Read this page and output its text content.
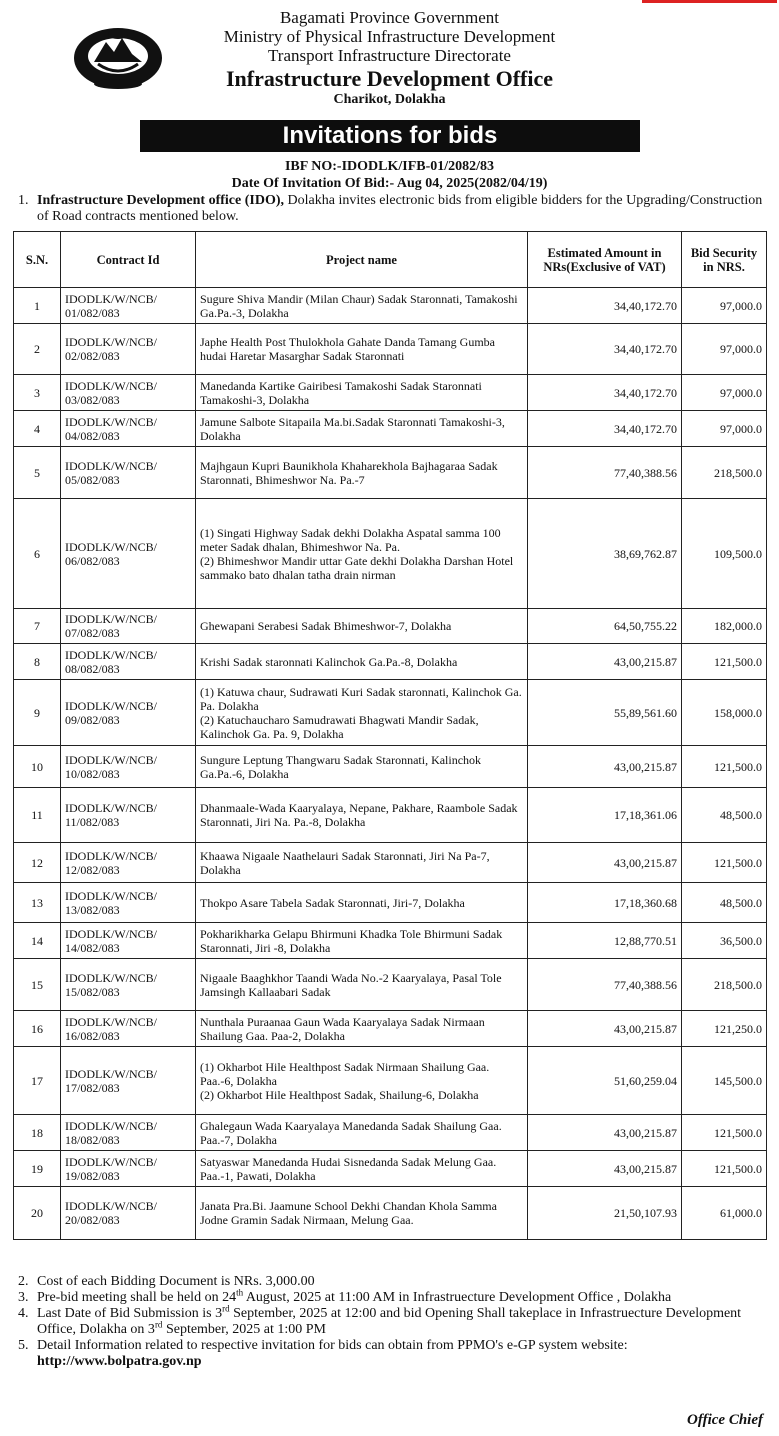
Bagamati Province Government
Ministry of Physical Infrastructure Development
Transport Infrastructure Directorate
Infrastructure Development Office
Charikot, Dolakha
Invitations for bids
IBF NO:-IDODLK/IFB-01/2082/83
Date Of Invitation Of Bid:- Aug 04, 2025(2082/04/19)
1. Infrastructure Development office (IDO), Dolakha invites electronic bids from eligible bidders for the Upgrading/Construction of Road contracts mentioned below.
S.N.	Contract Id	Project name	Estimated Amount in NRs(Exclusive of VAT)	Bid Security in NRS.
1	IDODLK/W/NCB/ 01/082/083	Sugure Shiva Mandir (Milan Chaur) Sadak Staronnati, Tamakoshi Ga.Pa.-3, Dolakha	34,40,172.70	97,000.0
2	IDODLK/W/NCB/ 02/082/083	Japhe Health Post Thulokhola Gahate Danda Tamang Gumba hudai Haretar Masarghar Sadak Staronnati	34,40,172.70	97,000.0
3	IDODLK/W/NCB/ 03/082/083	Manedanda Kartike Gairibesi Tamakoshi Sadak Staronnati Tamakoshi-3, Dolakha	34,40,172.70	97,000.0
4	IDODLK/W/NCB/ 04/082/083	Jamune Salbote Sitapaila Ma.bi.Sadak Staronnati Tamakoshi-3, Dolakha	34,40,172.70	97,000.0
5	IDODLK/W/NCB/ 05/082/083	Majhgaun Kupri Baunikhola Khaharekhola Bajhagaraa Sadak Staronnati, Bhimeshwor Na. Pa.-7	77,40,388.56	218,500.0
6	IDODLK/W/NCB/ 06/082/083	(1) Singati Highway Sadak dekhi Dolakha Aspatal samma 100 meter Sadak dhalan, Bhimeshwor Na. Pa.
(2) Bhimeshwor Mandir uttar Gate dekhi Dolakha Darshan Hotel sammako bato dhalan tatha drain nirman	38,69,762.87	109,500.0
7	IDODLK/W/NCB/ 07/082/083	Ghewapani Serabesi Sadak Bhimeshwor-7, Dolakha	64,50,755.22	182,000.0
8	IDODLK/W/NCB/ 08/082/083	Krishi Sadak staronnati Kalinchok Ga.Pa.-8, Dolakha	43,00,215.87	121,500.0
9	IDODLK/W/NCB/ 09/082/083	(1) Katuwa chaur, Sudrawati Kuri Sadak staronnati, Kalinchok Ga. Pa. Dolakha
(2) Katuchaucharo Samudrawati Bhagwati Mandir Sadak, Kalinchok Ga. Pa. 9, Dolakha	55,89,561.60	158,000.0
10	IDODLK/W/NCB/ 10/082/083	Sungure Leptung Thangwaru Sadak Staronnati, Kalinchok Ga.Pa.-6, Dolakha	43,00,215.87	121,500.0
11	IDODLK/W/NCB/ 11/082/083	Dhanmaale-Wada Kaaryalaya, Nepane, Pakhare, Raambole Sadak Staronnati, Jiri Na. Pa.-8, Dolakha	17,18,361.06	48,500.0
12	IDODLK/W/NCB/ 12/082/083	Khaawa Nigaale Naathelauri Sadak Staronnati, Jiri Na Pa-7, Dolakha	43,00,215.87	121,500.0
13	IDODLK/W/NCB/ 13/082/083	Thokpo Asare Tabela Sadak Staronnati, Jiri-7, Dolakha	17,18,360.68	48,500.0
14	IDODLK/W/NCB/ 14/082/083	Pokharikharka Gelapu Bhirmuni Khadka Tole Bhirmuni Sadak Staronnati, Jiri -8, Dolakha	12,88,770.51	36,500.0
15	IDODLK/W/NCB/ 15/082/083	Nigaale Baaghkhor Taandi Wada No.-2 Kaaryalaya, Pasal Tole Jamsingh Kallaabari Sadak	77,40,388.56	218,500.0
16	IDODLK/W/NCB/ 16/082/083	Nunthala Puraanaa Gaun Wada Kaaryalaya Sadak Nirmaan Shailung Gaa. Paa-2, Dolakha	43,00,215.87	121,250.0
17	IDODLK/W/NCB/ 17/082/083	(1) Okharbot Hile Healthpost Sadak Nirmaan Shailung Gaa. Paa.-6, Dolakha
(2) Okharbot Hile Healthpost Sadak, Shailung-6, Dolakha	51,60,259.04	145,500.0
18	IDODLK/W/NCB/ 18/082/083	Ghalegaun Wada Kaaryalaya Manedanda Sadak Shailung Gaa. Paa.-7, Dolakha	43,00,215.87	121,500.0
19	IDODLK/W/NCB/ 19/082/083	Satyaswar Manedanda Hudai Sisnedanda Sadak Melung Gaa. Paa.-1, Pawati, Dolakha	43,00,215.87	121,500.0
20	IDODLK/W/NCB/ 20/082/083	Janata Pra.Bi. Jaamune School Dekhi Chandan Khola Samma Jodne Gramin Sadak Nirmaan, Melung Gaa.	21,50,107.93	61,000.0
2. Cost of each Bidding Document is NRs. 3,000.00
3. Pre-bid meeting shall be held on 24th August, 2025 at 11:00 AM in Infrastruecture Development Office , Dolakha
4. Last Date of Bid Submission is 3rd September, 2025 at 12:00 and bid Opening Shall takeplace in Infrastruecture Development Office, Dolakha on 3rd September, 2025 at 1:00 PM
5. Detail Information related to respective invitation for bids can obtain from PPMO's e-GP system website:
http://www.bolpatra.gov.np
Office Chief
